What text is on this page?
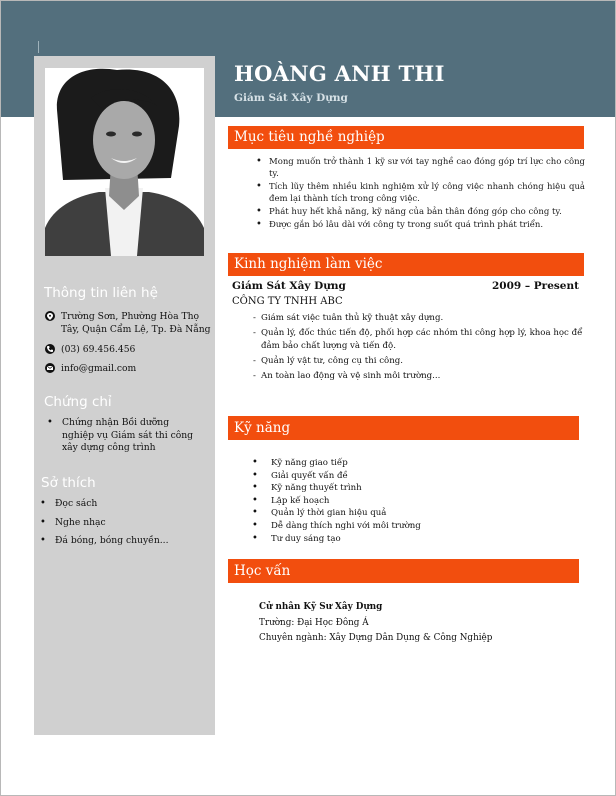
HOÀNG ANH THI
Giám Sát Xây Dựng
Thông tin liên hệ
Trường Sơn, Phường Hòa Thọ Tây, Quận Cẩm Lệ, Tp. Đà Nẵng
(03) 69.456.456
info@gmail.com
Chứng chỉ
• Chứng nhận Bồi dưỡng nghiệp vụ Giám sát thi công xây dựng công trình
Sở thích
• Đọc sách
• Nghe nhạc
• Đá bóng, bóng chuyền...
Mục tiêu nghề nghiệp
• Mong muốn trở thành 1 kỹ sư với tay nghề cao đóng góp trí lực cho công ty.
• Tích lũy thêm nhiều kinh nghiệm xử lý công việc nhanh chóng hiệu quả đem lại thành tích trong công việc.
• Phát huy hết khả năng, kỹ năng của bản thân đóng góp cho công ty.
• Được gắn bó lâu dài với công ty trong suốt quá trình phát triển.
Kinh nghiệm làm việc
Giám Sát Xây Dựng	2009 – Present
CÔNG TY TNHH ABC
- Giám sát việc tuân thủ kỹ thuật xây dựng.
- Quản lý, đốc thúc tiến độ, phối hợp các nhóm thi công hợp lý, khoa học để đảm bảo chất lượng và tiến độ.
- Quản lý vật tư, công cụ thi công.
- An toàn lao động và vệ sinh môi trường...
Kỹ năng
• Kỹ năng giao tiếp
• Giải quyết vấn đề
• Kỹ năng thuyết trình
• Lập kế hoạch
• Quản lý thời gian hiệu quả
• Dễ dàng thích nghi với môi trường
• Tư duy sáng tạo
Học vấn
Cử nhân Kỹ Sư Xây Dựng
Trường: Đại Học Đông Á
Chuyên ngành: Xây Dựng Dân Dụng & Công Nghiệp
